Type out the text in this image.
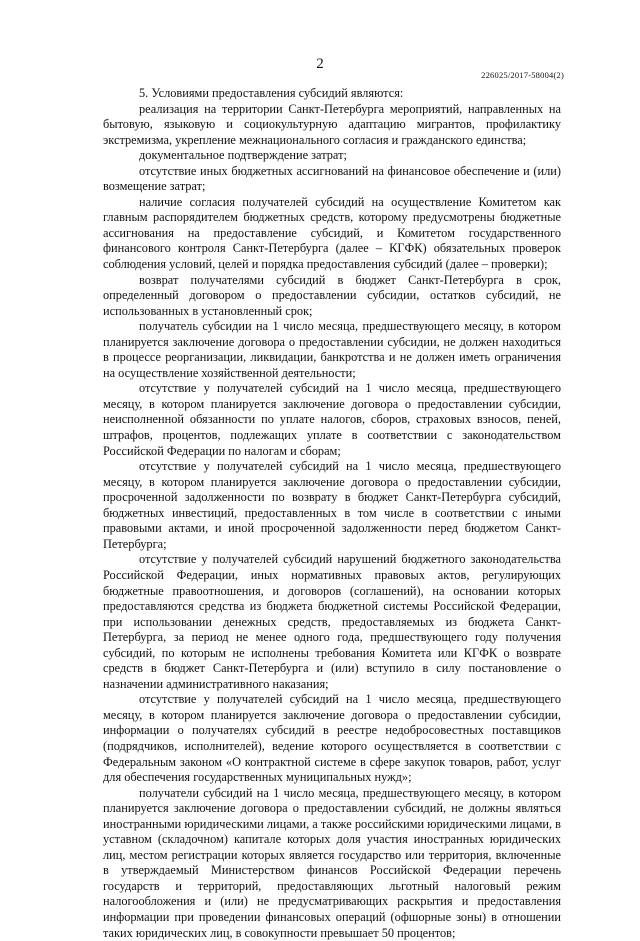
2
226025/2017-58004(2)

5. Условиями предоставления субсидий являются:

реализация на территории Санкт-Петербурга мероприятий, направленных на бытовую, языковую и социокультурную адаптацию мигрантов, профилактику экстремизма, укрепление межнационального согласия и гражданского единства;

документальное подтверждение затрат;

отсутствие иных бюджетных ассигнований на финансовое обеспечение и (или) возмещение затрат;

наличие согласия получателей субсидий на осуществление Комитетом как главным распорядителем бюджетных средств, которому предусмотрены бюджетные ассигнования на предоставление субсидий, и Комитетом государственного финансового контроля Санкт-Петербурга (далее – КГФК) обязательных проверок соблюдения условий, целей и порядка предоставления субсидий (далее – проверки);

возврат получателями субсидий в бюджет Санкт-Петербурга в срок, определенный договором о предоставлении субсидии, остатков субсидий, не использованных в установленный срок;

получатель субсидии на 1 число месяца, предшествующего месяцу, в котором планируется заключение договора о предоставлении субсидии, не должен находиться в процессе реорганизации, ликвидации, банкротства и не должен иметь ограничения на осуществление хозяйственной деятельности;

отсутствие у получателей субсидий на 1 число месяца, предшествующего месяцу, в котором планируется заключение договора о предоставлении субсидии, неисполненной обязанности по уплате налогов, сборов, страховых взносов, пеней, штрафов, процентов, подлежащих уплате в соответствии с законодательством Российской Федерации по налогам и сборам;

отсутствие у получателей субсидий на 1 число месяца, предшествующего месяцу, в котором планируется заключение договора о предоставлении субсидии, просроченной задолженности по возврату в бюджет Санкт-Петербурга субсидий, бюджетных инвестиций, предоставленных в том числе в соответствии с иными правовыми актами, и иной просроченной задолженности перед бюджетом Санкт-Петербурга;

отсутствие у получателей субсидий нарушений бюджетного законодательства Российской Федерации, иных нормативных правовых актов, регулирующих бюджетные правоотношения, и договоров (соглашений), на основании которых предоставляются средства из бюджета бюджетной системы Российской Федерации, при использовании денежных средств, предоставляемых из бюджета Санкт-Петербурга, за период не менее одного года, предшествующего году получения субсидий, по которым не исполнены требования Комитета или КГФК о возврате средств в бюджет Санкт-Петербурга и (или) вступило в силу постановление о назначении административного наказания;

отсутствие у получателей субсидий на 1 число месяца, предшествующего месяцу, в котором планируется заключение договора о предоставлении субсидии, информации о получателях субсидий в реестре недобросовестных поставщиков (подрядчиков, исполнителей), ведение которого осуществляется в соответствии с Федеральным законом «О контрактной системе в сфере закупок товаров, работ, услуг для обеспечения государственных муниципальных нужд»;

получатели субсидий на 1 число месяца, предшествующего месяцу, в котором планируется заключение договора о предоставлении субсидий, не должны являться иностранными юридическими лицами, а также российскими юридическими лицами, в уставном (складочном) капитале которых доля участия иностранных юридических лиц, местом регистрации которых является государство или территория, включенные в утверждаемый Министерством финансов Российской Федерации перечень государств и территорий, предоставляющих льготный налоговый режим налогообложения и (или) не предусматривающих раскрытия и предоставления информации при проведении финансовых операций (офшорные зоны) в отношении таких юридических лиц, в совокупности превышает 50 процентов;
